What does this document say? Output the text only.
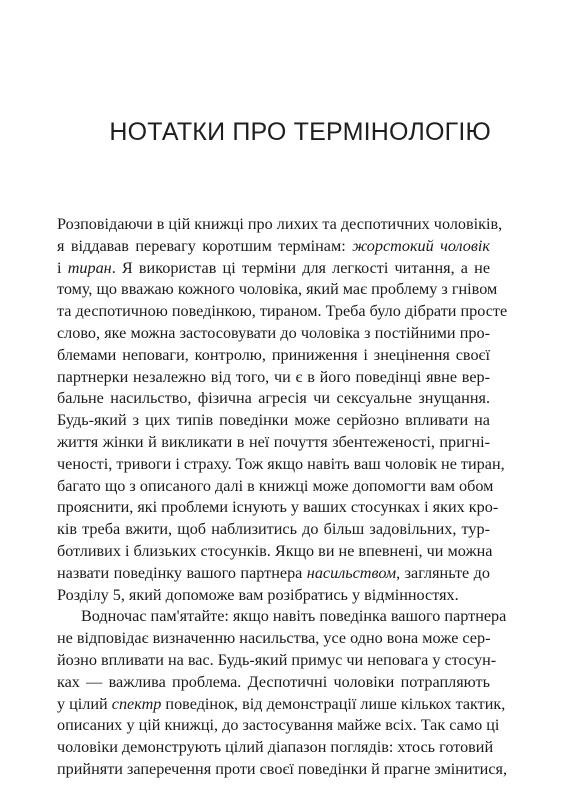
НОТАТКИ ПРО ТЕРМІНОЛОГІЮ
Розповідаючи в цій книжці про лихих та деспотичних чоловіків,
я віддавав перевагу коротшим термінам: жорстокий чоловік
і тиран. Я використав ці терміни для легкості читання, а не
тому, що вважаю кожного чоловіка, який має проблему з гнівом
та деспотичною поведінкою, тираном. Треба було дібрати просте
слово, яке можна застосовувати до чоловіка з постійними про-
блемами неповаги, контролю, приниження і знецінення своєї
партнерки незалежно від того, чи є в його поведінці явне вер-
бальне насильство, фізична агресія чи сексуальне знущання.
Будь-який з цих типів поведінки може серйозно впливати на
життя жінки й викликати в неї почуття збентеженості, пригні-
ченості, тривоги і страху. Тож якщо навіть ваш чоловік не тиран,
багато що з описаного далі в книжці може допомогти вам обом
прояснити, які проблеми існують у ваших стосунках і яких кро-
ків треба вжити, щоб наблизитись до більш задовільних, тур-
ботливих і близьких стосунків. Якщо ви не впевнені, чи можна
назвати поведінку вашого партнера насильством, загляньте до
Розділу 5, який допоможе вам розібратись у відмінностях.
Водночас пам'ятайте: якщо навіть поведінка вашого партнера
не відповідає визначенню насильства, усе одно вона може сер-
йозно впливати на вас. Будь-який примус чи неповага у стосун-
ках — важлива проблема. Деспотичні чоловіки потрапляють
у цілий спектр поведінок, від демонстрації лише кількох тактик,
описаних у цій книжці, до застосування майже всіх. Так само ці
чоловіки демонструють цілий діапазон поглядів: хтось готовий
прийняти заперечення проти своєї поведінки й прагне змінитися,
